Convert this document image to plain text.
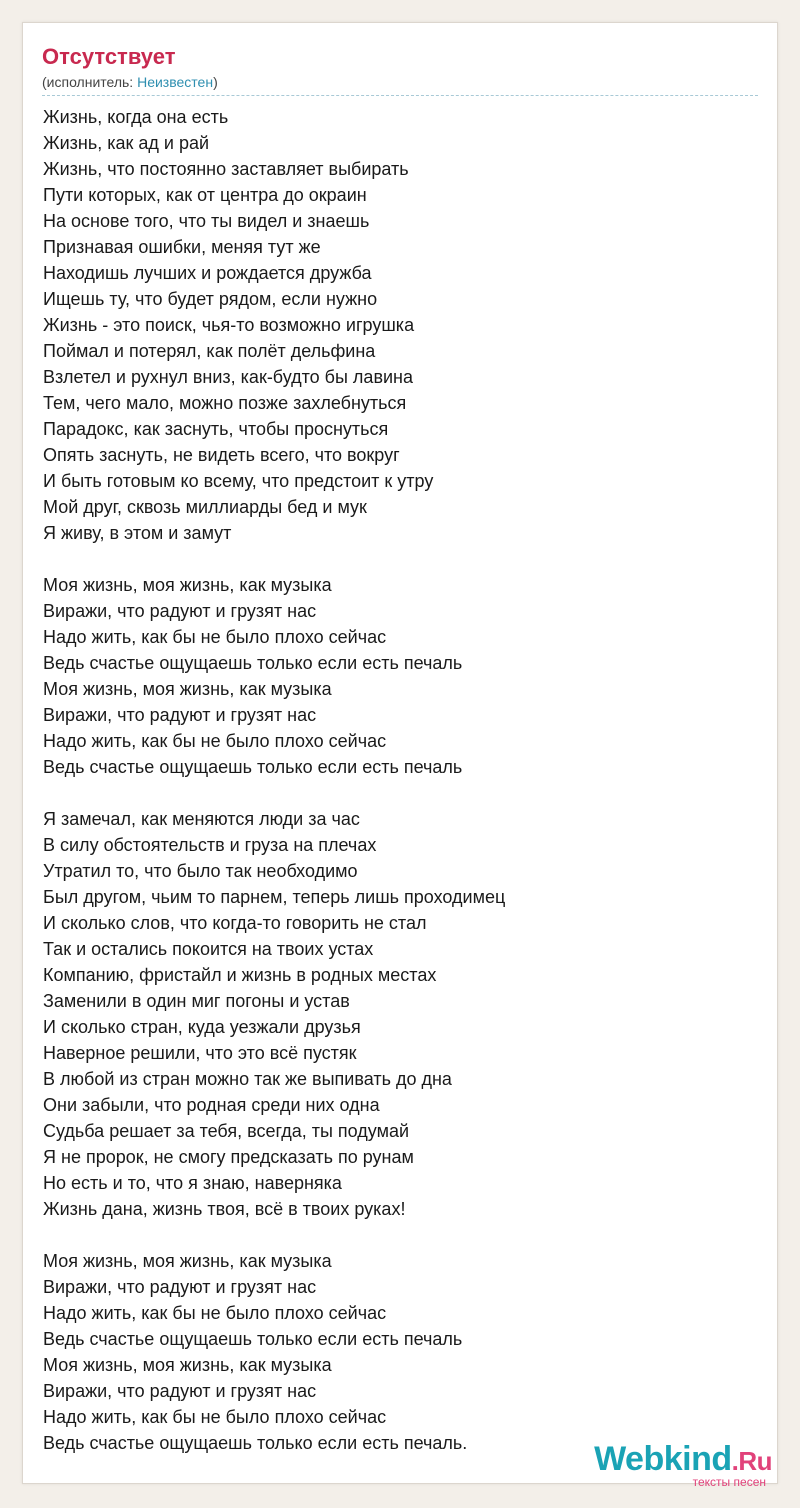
Отсутствует
(исполнитель: Неизвестен)
Жизнь, когда она есть
Жизнь, как ад и рай
Жизнь, что постоянно заставляет выбирать
Пути которых, как от центра до окраин
На основе того, что ты видел и знаешь
Признавая ошибки, меняя тут же
Находишь лучших и рождается дружба
Ищешь ту, что будет рядом, если нужно
Жизнь - это поиск, чья-то возможно игрушка
Поймал и потерял, как полёт дельфина
Взлетел и рухнул вниз, как-будто бы лавина
Тем, чего мало, можно позже захлебнуться
Парадокс, как заснуть, чтобы проснуться
Опять заснуть, не видеть всего, что вокруг
И быть готовым ко всему, что предстоит к утру
Мой друг, сквозь миллиарды бед и мук
Я живу, в этом и замут
Моя жизнь, моя жизнь, как музыка
Виражи, что радуют и грузят нас
Надо жить, как бы не было плохо сейчас
Ведь счастье ощущаешь только если есть печаль
Моя жизнь, моя жизнь, как музыка
Виражи, что радуют и грузят нас
Надо жить, как бы не было плохо сейчас
Ведь счастье ощущаешь только если есть печаль
Я замечал, как меняются люди за час
В силу обстоятельств и груза на плечах
Утратил то, что было так необходимо
Был другом, чьим то парнем, теперь лишь проходимец
И сколько слов, что когда-то говорить не стал
Так и остались покоится на твоих устах
Компанию, фристайл и жизнь в родных местах
Заменили в один миг погоны и устав
И сколько стран, куда уезжали друзья
Наверное решили, что это всё пустяк
В любой из стран можно так же выпивать до дна
Они забыли, что родная среди них одна
Судьба решает за тебя, всегда, ты подумай
Я не пророк, не смогу предсказать по рунам
Но есть и то, что я знаю, наверняка
Жизнь дана, жизнь твоя, всё в твоих руках!
Моя жизнь, моя жизнь, как музыка
Виражи, что радуют и грузят нас
Надо жить, как бы не было плохо сейчас
Ведь счастье ощущаешь только если есть печаль
Моя жизнь, моя жизнь, как музыка
Виражи, что радуют и грузят нас
Надо жить, как бы не было плохо сейчас
Ведь счастье ощущаешь только если есть печаль.	Webkind.Ru
тексты песен
